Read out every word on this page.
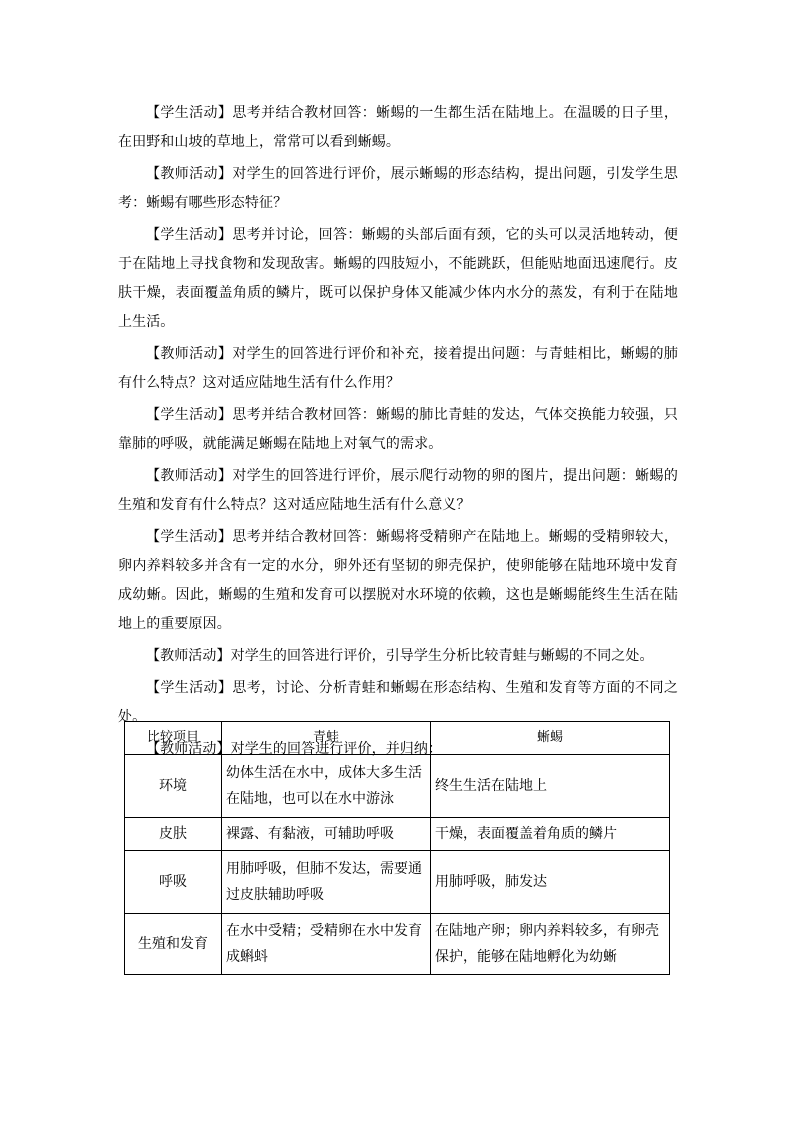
【学生活动】思考并结合教材回答：蜥蜴的一生都生活在陆地上。在温暖的日子里，在田野和山坡的草地上，常常可以看到蜥蜴。

【教师活动】对学生的回答进行评价，展示蜥蜴的形态结构，提出问题，引发学生思考：蜥蜴有哪些形态特征？

【学生活动】思考并讨论，回答：蜥蜴的头部后面有颈，它的头可以灵活地转动，便于在陆地上寻找食物和发现敌害。蜥蜴的四肢短小，不能跳跃，但能贴地面迅速爬行。皮肤干燥，表面覆盖角质的鳞片，既可以保护身体又能减少体内水分的蒸发，有利于在陆地上生活。

【教师活动】对学生的回答进行评价和补充，接着提出问题：与青蛙相比，蜥蜴的肺有什么特点？这对适应陆地生活有什么作用？

【学生活动】思考并结合教材回答：蜥蜴的肺比青蛙的发达，气体交换能力较强，只靠肺的呼吸，就能满足蜥蜴在陆地上对氧气的需求。

【教师活动】对学生的回答进行评价，展示爬行动物的卵的图片，提出问题：蜥蜴的生殖和发育有什么特点？这对适应陆地生活有什么意义？

【学生活动】思考并结合教材回答：蜥蜴将受精卵产在陆地上。蜥蜴的受精卵较大，卵内养料较多并含有一定的水分，卵外还有坚韧的卵壳保护，使卵能够在陆地环境中发育成幼蜥。因此，蜥蜴的生殖和发育可以摆脱对水环境的依赖，这也是蜥蜴能终生生活在陆地上的重要原因。

【教师活动】对学生的回答进行评价，引导学生分析比较青蛙与蜥蜴的不同之处。

【学生活动】思考，讨论、分析青蛙和蜥蜴在形态结构、生殖和发育等方面的不同之处。

【教师活动】对学生的回答进行评价，并归纳：

比较项目	青蛙	蜥蜴
环境	幼体生活在水中，成体大多生活在陆地，也可以在水中游泳	终生生活在陆地上
皮肤	裸露、有黏液，可辅助呼吸	干燥，表面覆盖着角质的鳞片
呼吸	用肺呼吸，但肺不发达，需要通过皮肤辅助呼吸	用肺呼吸，肺发达
生殖和发育	在水中受精；受精卵在水中发育成蝌蚪	在陆地产卵；卵内养料较多，有卵壳保护，能够在陆地孵化为幼蜥
